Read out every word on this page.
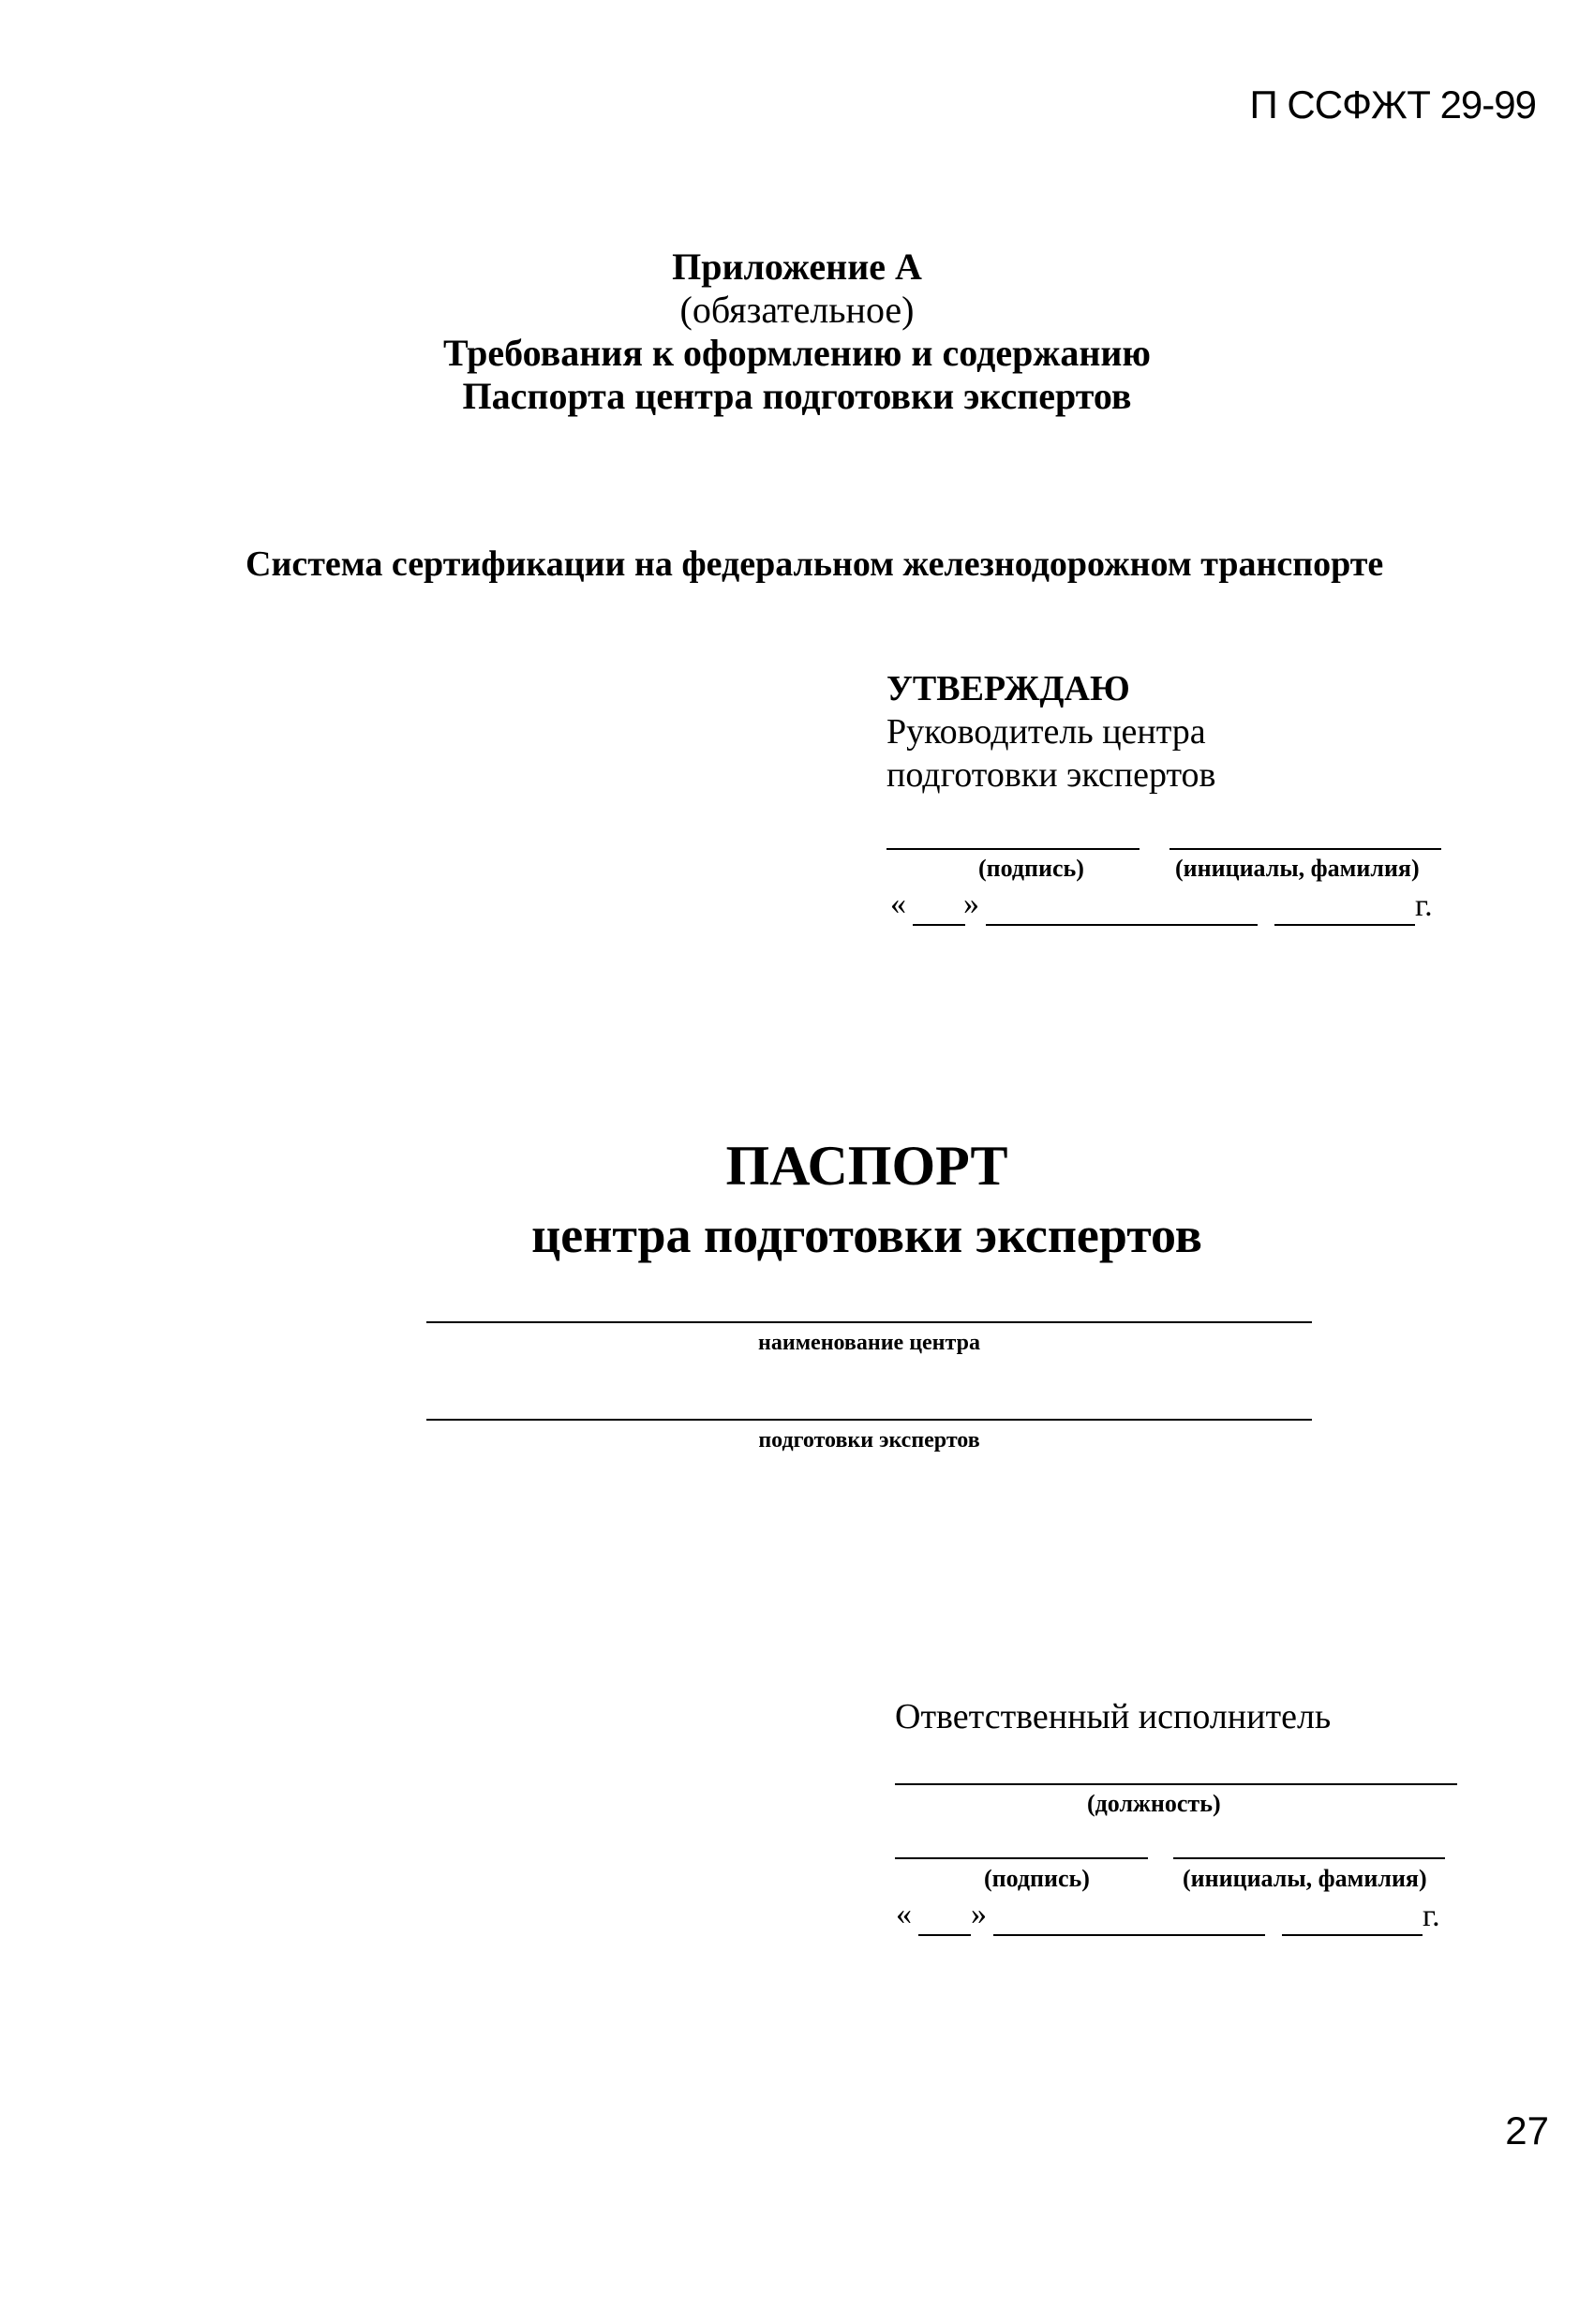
П ССФЖТ 29-99
Приложение А
(обязательное)
Требования к оформлению и содержанию
Паспорта центра подготовки экспертов
Система сертификации на федеральном железнодорожном транспорте
УТВЕРЖДАЮ
Руководитель центра
подготовки экспертов
(подпись)	(инициалы, фамилия)
« »	г.
ПАСПОРТ
центра подготовки экспертов
наименование центра
подготовки экспертов
Ответственный исполнитель
(должность)
(подпись)	(инициалы, фамилия)
« »	г.
27
